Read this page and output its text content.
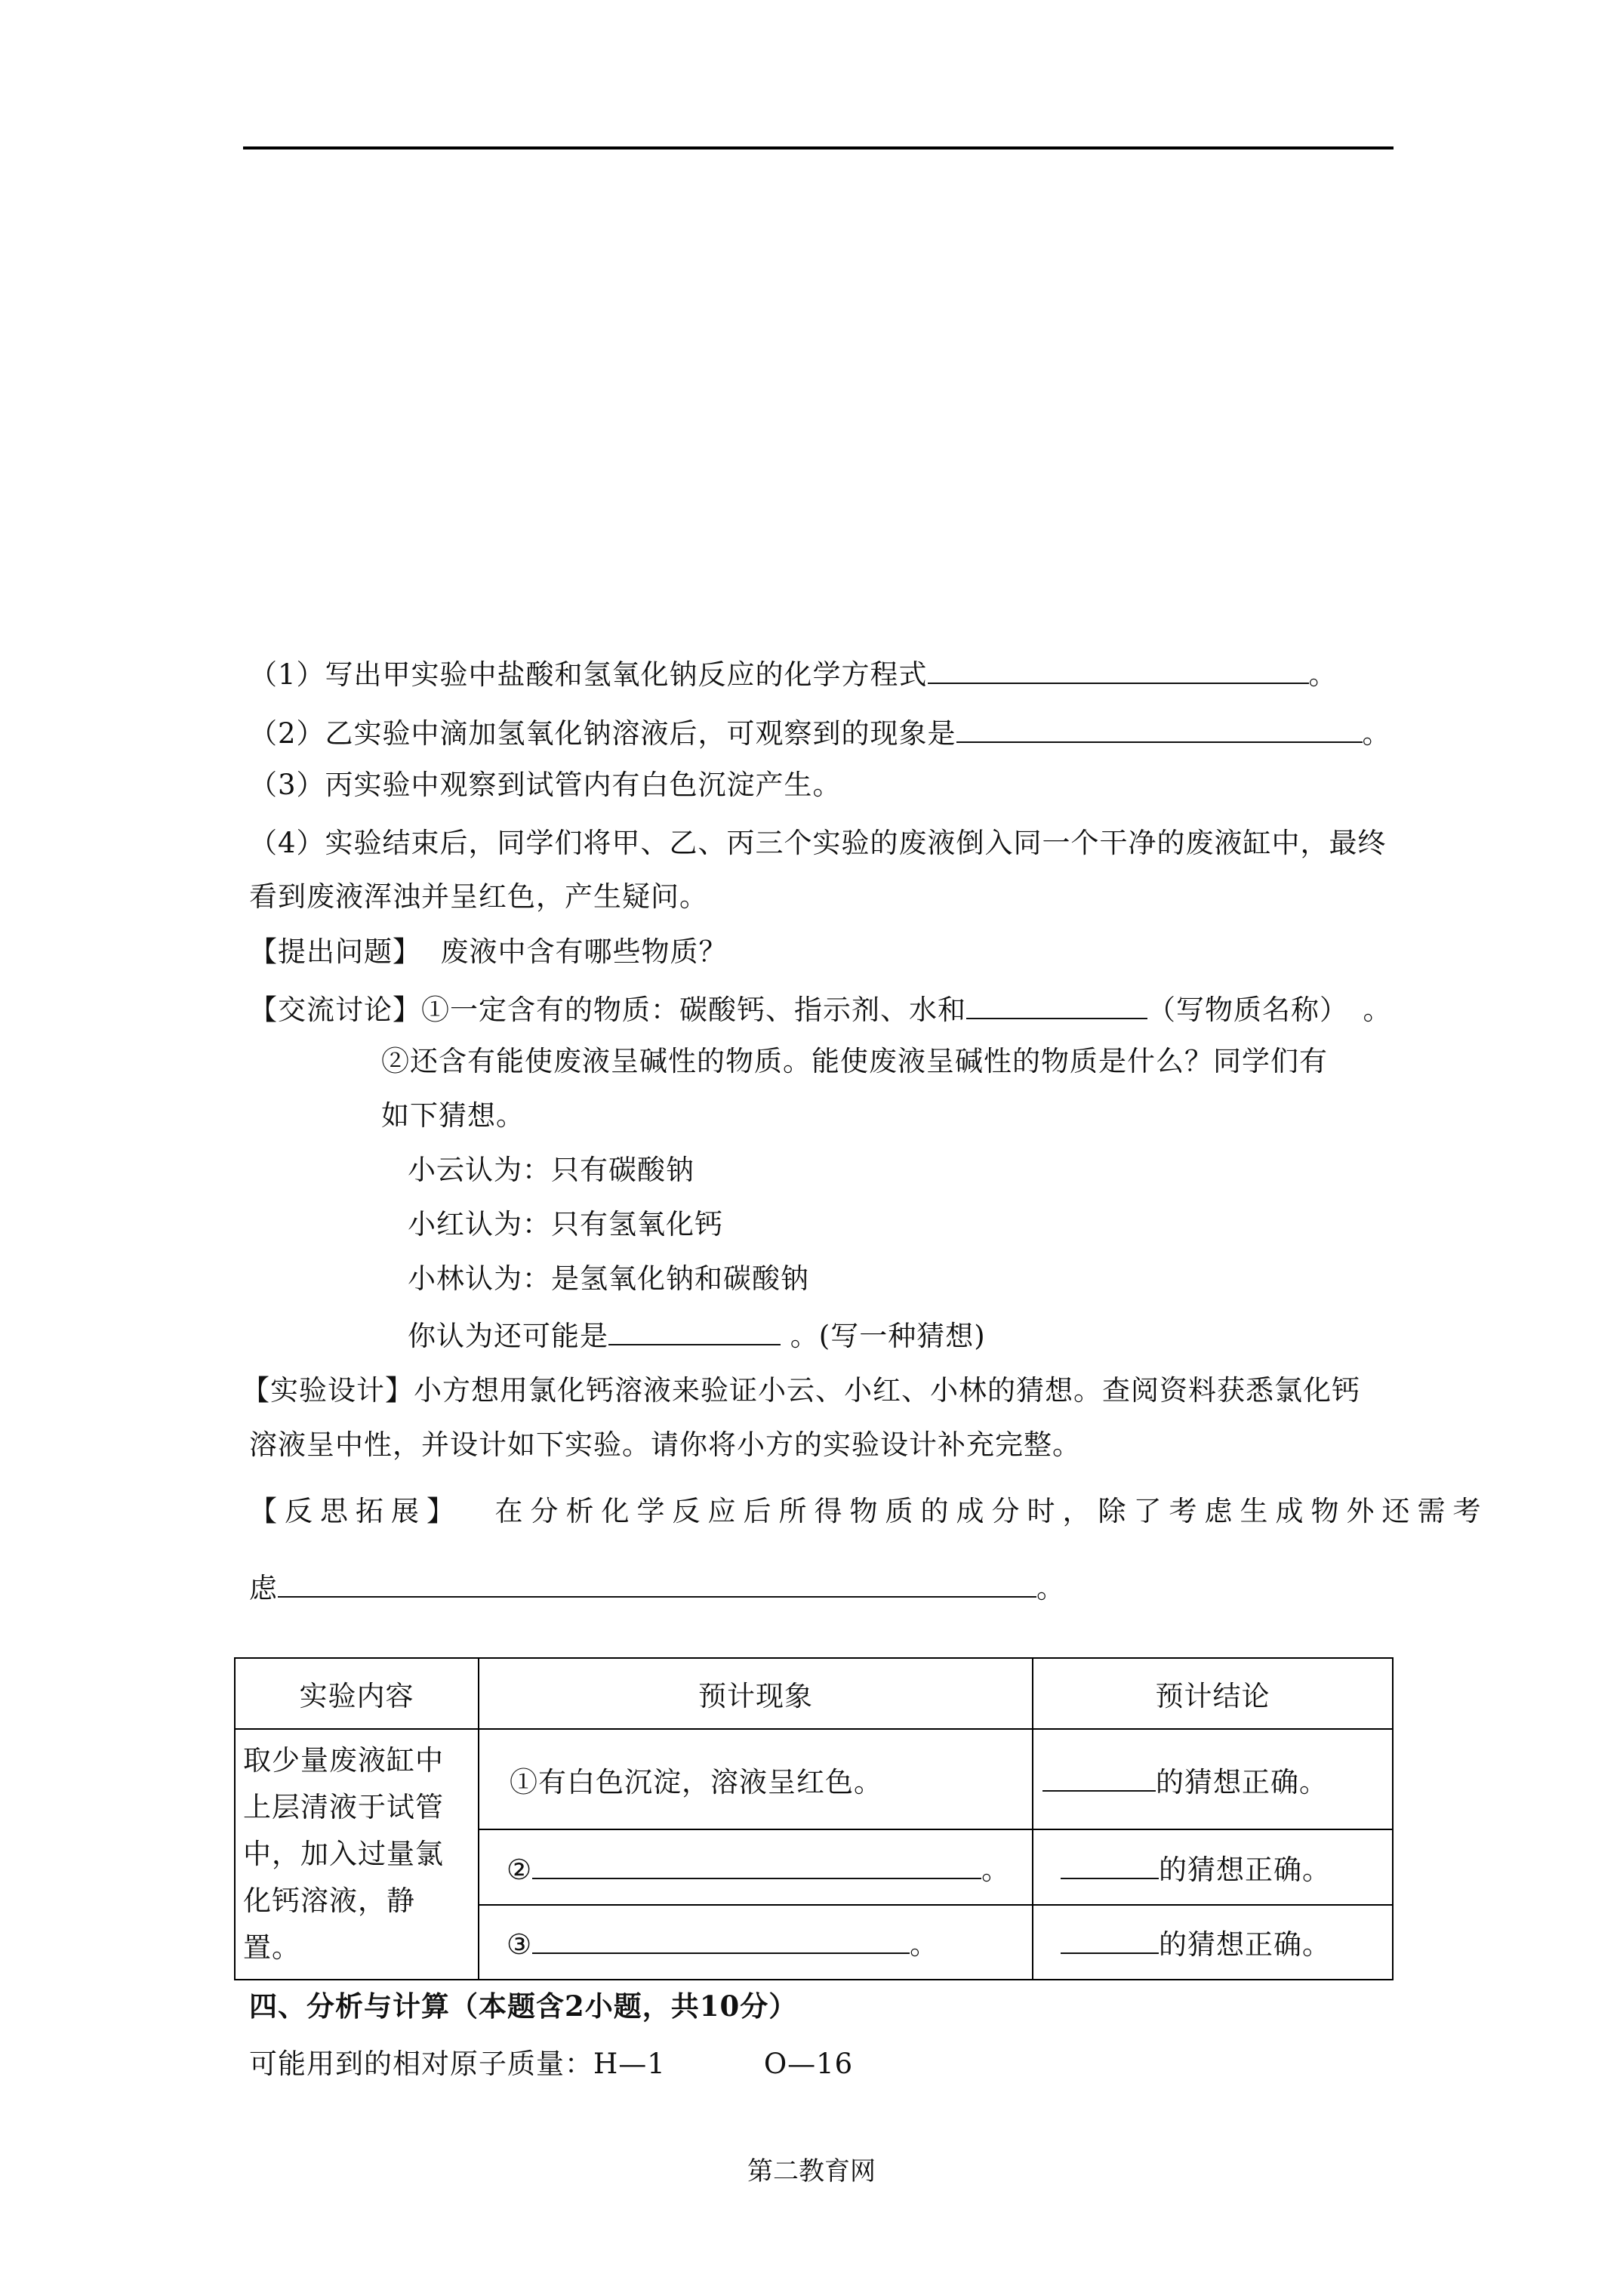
（1）写出甲实验中盐酸和氢氧化钠反应的化学方程式	。
（2）乙实验中滴加氢氧化钠溶液后，可观察到的现象是	。
（3）丙实验中观察到试管内有白色沉淀产生。
（4）实验结束后，同学们将甲、乙、丙三个实验的废液倒入同一个干净的废液缸中，最终
看到废液浑浊并呈红色，产生疑问。
【提出问题】 废液中含有哪些物质？
【交流讨论】①一定含有的物质：碳酸钙、指示剂、水和	（写物质名称）　。
②还含有能使废液呈碱性的物质。能使废液呈碱性的物质是什么？同学们有
如下猜想。
小云认为：只有碳酸钠
小红认为：只有氢氧化钙
小林认为：是氢氧化钠和碳酸钠
你认为还可能是	。(写一种猜想)
【实验设计】小方想用氯化钙溶液来验证小云、小红、小林的猜想。查阅资料获悉氯化钙
溶液呈中性，并设计如下实验。请你将小方的实验设计补充完整。
【反思拓展】 在分析化学反应后所得物质的成分时，除了考虑生成物外还需考
虑	。
实验内容	预计现象	预计结论
取少量废液缸中上层清液于试管中，加入过量氯化钙溶液，静置。	①有白色沉淀，溶液呈红色。	的猜想正确。
	② 。	的猜想正确。
	③ 。	的猜想正确。
四、分析与计算（本题含2小题，共10分）
可能用到的相对原子质量：H—1	O—16
第二教育网
